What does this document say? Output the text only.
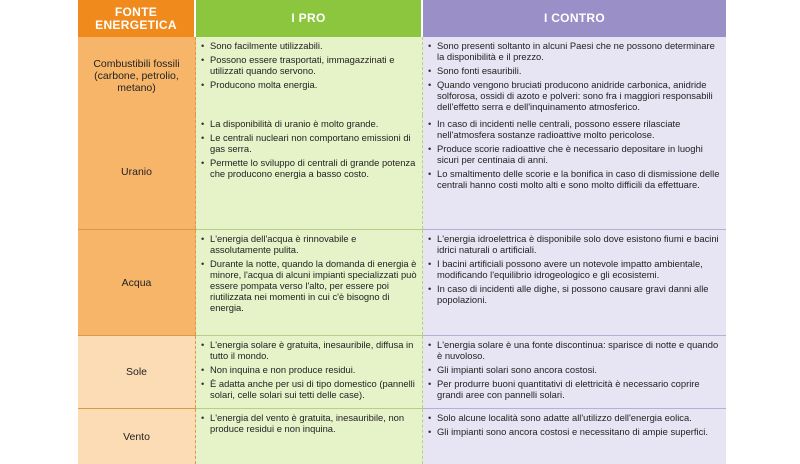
FONTE ENERGETICA	I PRO	I CONTRO
Combustibili fossili (carbone, petrolio, metano)
• Sono facilmente utilizzabili.
• Possono essere trasportati, immagazzinati e utilizzati quando servono.
• Producono molta energia.
• Sono presenti soltanto in alcuni Paesi che ne possono determinare la disponibilità e il prezzo.
• Sono fonti esauribili.
• Quando vengono bruciati producono anidride carbonica, anidride solforosa, ossidi di azoto e polveri: sono fra i maggiori responsabili dell'effetto serra e dell'inquinamento atmosferico.
Uranio
• La disponibilità di uranio è molto grande.
• Le centrali nucleari non comportano emissioni di gas serra.
• Permette lo sviluppo di centrali di grande potenza che producono energia a basso costo.
• In caso di incidenti nelle centrali, possono essere rilasciate nell'atmosfera sostanze radioattive molto pericolose.
• Produce scorie radioattive che è necessario depositare in luoghi sicuri per centinaia di anni.
• Lo smaltimento delle scorie e la bonifica in caso di dismissione delle centrali hanno costi molto alti e sono molto difficili da effettuare.
Acqua
• L'energia dell'acqua è rinnovabile e assolutamente pulita.
• Durante la notte, quando la domanda di energia è minore, l'acqua di alcuni impianti specializzati può essere pompata verso l'alto, per essere poi riutilizzata nei momenti in cui c'è bisogno di energia.
• L'energia idroelettrica è disponibile solo dove esistono fiumi e bacini idrici naturali o artificiali.
• I bacini artificiali possono avere un notevole impatto ambientale, modificando l'equilibrio idrogeologico e gli ecosistemi.
• In caso di incidenti alle dighe, si possono causare gravi danni alle popolazioni.
Sole
• L'energia solare è gratuita, inesauribile, diffusa in tutto il mondo.
• Non inquina e non produce residui.
• È adatta anche per usi di tipo domestico (pannelli solari, celle solari sui tetti delle case).
• L'energia solare è una fonte discontinua: sparisce di notte e quando è nuvoloso.
• Gli impianti solari sono ancora costosi.
• Per produrre buoni quantitativi di elettricità è necessario coprire grandi aree con pannelli solari.
Vento
• L'energia del vento è gratuita, inesauribile, non produce residui e non inquina.
• Solo alcune località sono adatte all'utilizzo dell'energia eolica.
• Gli impianti sono ancora costosi e necessitano di ampie superfici.
